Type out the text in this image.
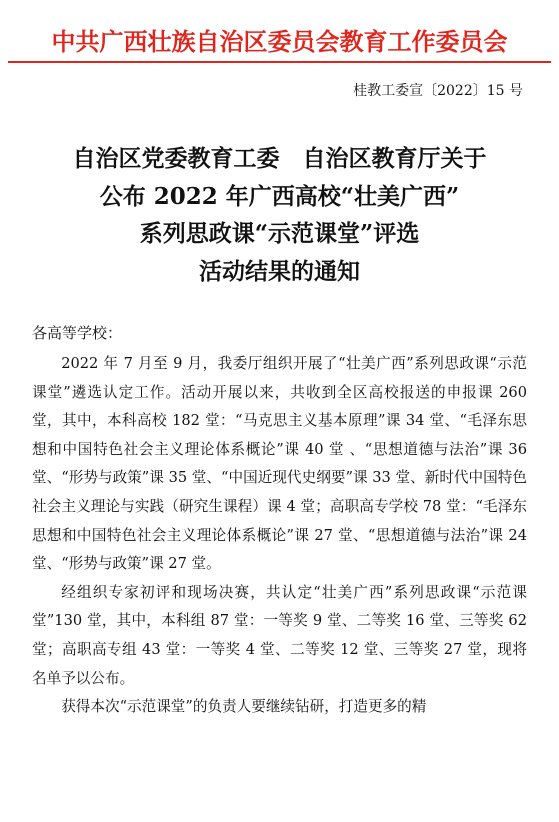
中共广西壮族自治区委员会教育工作委员会
桂教工委宣〔2022〕15 号
自治区党委教育工委　自治区教育厅关于
公布 2022 年广西高校“壮美广西”
系列思政课“示范课堂”评选
活动结果的通知
各高等学校：

2022 年 7 月至 9 月，我委厅组织开展了“壮美广西”系列思政课“示范课堂”遴选认定工作。活动开展以来，共收到全区高校报送的申报课 260 堂，其中，本科高校 182 堂：“马克思主义基本原理”课 34 堂、“毛泽东思想和中国特色社会主义理论体系概论”课 40 堂 、“思想道德与法治”课 36 堂、“形势与政策”课 35 堂、“中国近现代史纲要”课 33 堂、新时代中国特色社会主义理论与实践（研究生课程）课 4 堂；高职高专学校 78 堂：“毛泽东思想和中国特色社会主义理论体系概论”课 27 堂、“思想道德与法治”课 24 堂、“形势与政策”课 27 堂。

经组织专家初评和现场决赛，共认定“壮美广西”系列思政课“示范课堂”130 堂，其中，本科组 87 堂：一等奖 9 堂、二等奖 16 堂、三等奖 62 堂；高职高专组 43 堂：一等奖 4 堂、二等奖 12 堂、三等奖 27 堂，现将名单予以公布。

获得本次“示范课堂”的负责人要继续钻研，打造更多的精
